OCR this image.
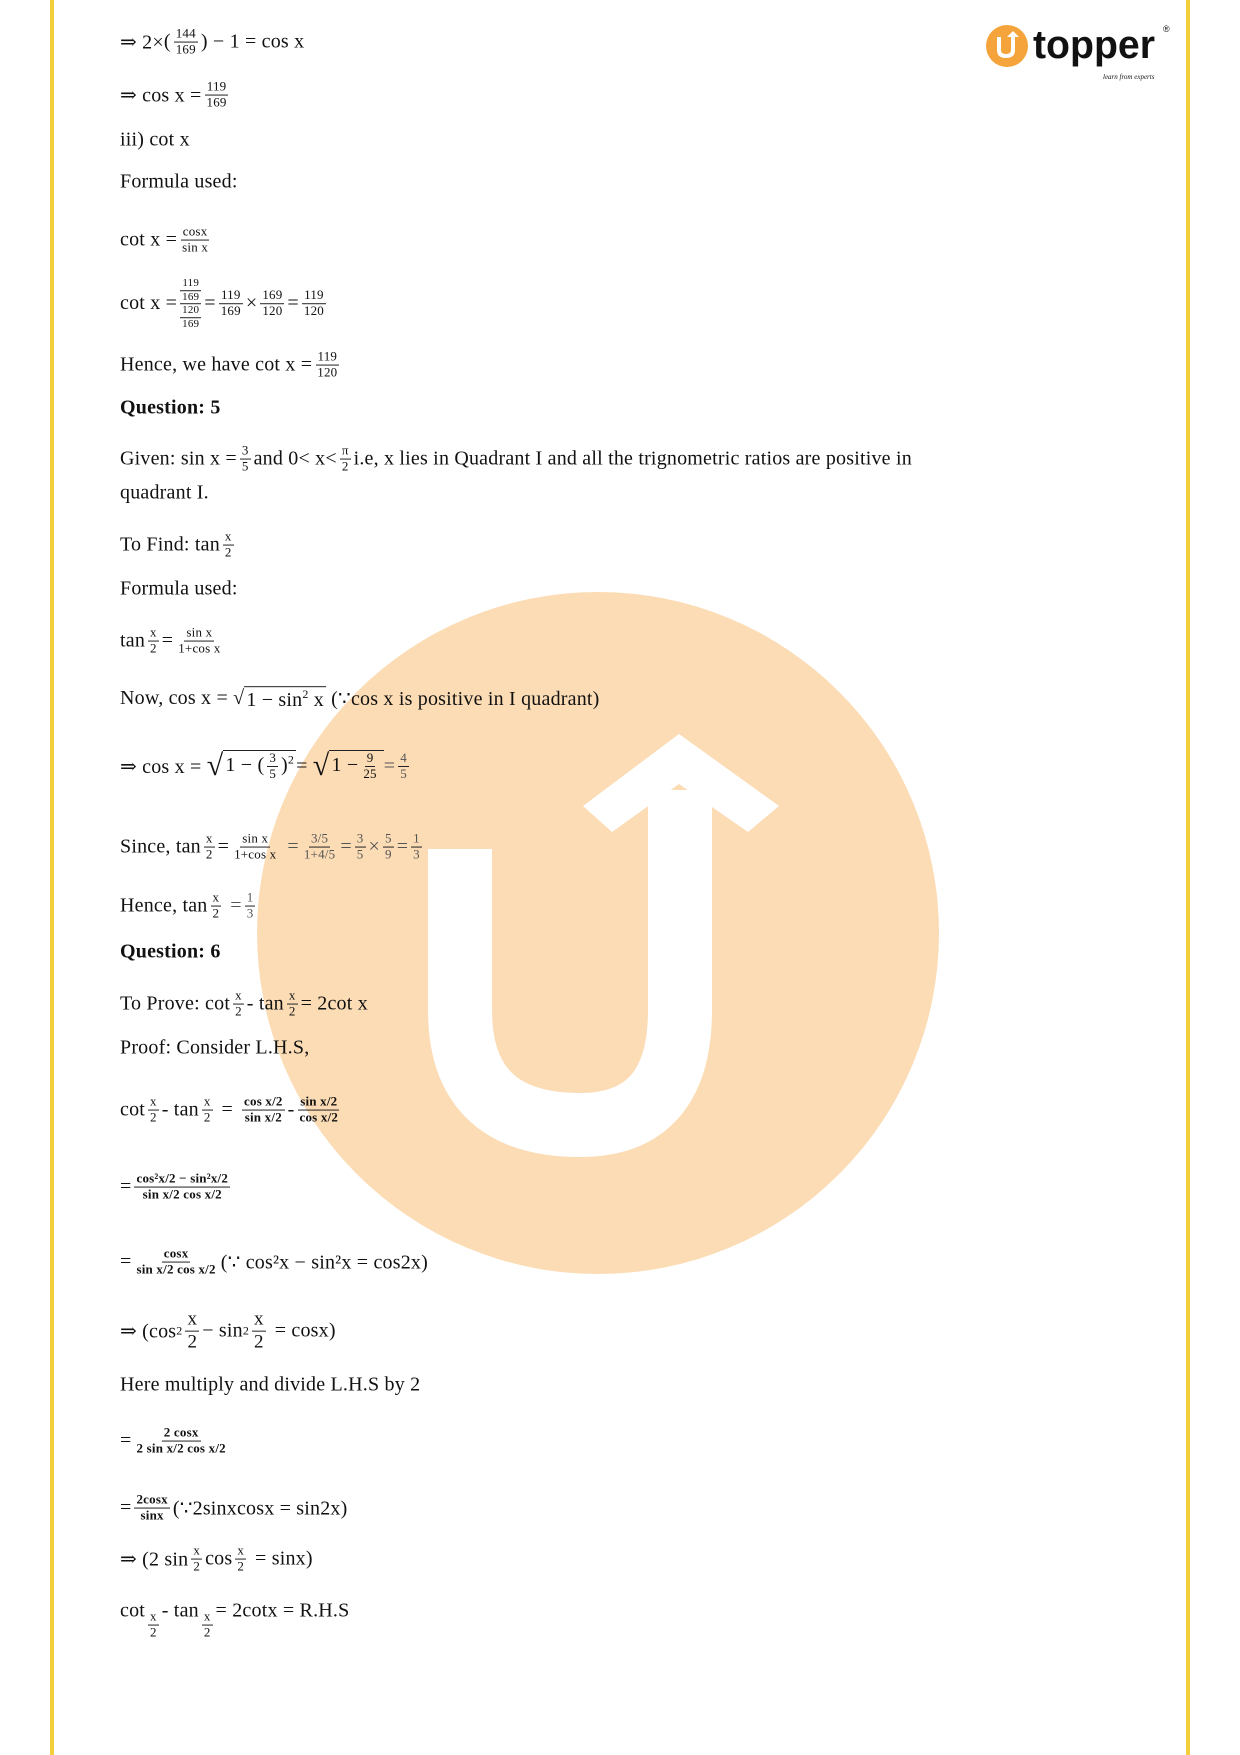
topper ®
learn from experts
⇒ 2× ( $\frac{144}{169}$ ) − 1 = cos x
⇒ $\cos x = \frac{119}{169}$
iii) cot x
Formula used:
$\cot x = \frac{\cos x}{\text{sin x}}$
cot x =
119
169
120
169
= $\frac{119}{169} \times \frac{169}{120} = \frac{119}{120}$
Hence, we have $\cot x = \frac{119}{120}$
Question: 5
Given: $\sin x = \frac{3}{5}$ and 0< x< π
2 i.e, x lies in Quadrant I and all the trignometric ratios are positive in
quadrant I.
To Find: tan x
2
Formula used:
$\tan \frac{x}{2} = \frac{\text{sin x}}{\text{1+cos x}}$
Now, cos x = √ $1 - \sin^2 x$
(∵cos x is positive in I quadrant)
⇒ cos x =
√ 1 − ( $\frac{3}{5} )^2$ =
√ $1 - \frac{9}{25} = \frac{4}{5}$
Since, $\tan \frac{x}{2} = \frac{\text{sin x}}{\text{1+cos x}} = \frac{3/5}{1+4/5} = \frac{3}{5} \times \frac{5}{9} = \frac{1}{3}$
Hence, tan x
$2 = \frac{1}{3}$
Question: 6
To Prove: cot x
$2 - \tan \frac{x}{2} = 2\cot$ x
Proof: Consider L.H.S,
cot x
2 - tan x
2 = cos x/2
sin x/2 - sin x/2
cos x/2
= $\frac{\text{cos²x/2 − sin²x/2}}{\text{sin x/2 cos x/2}}$
= $\frac{\cos x}{\text{sin x/2 cos x/2}}$ (∵ cos²x − sin²x = cos2x)
⇒ (cos 2
x
2
− sin 2
x
2
= cosx)
Here multiply and divide L.H.S by 2
= $\frac{2 \cos x}{\text{2 sin x/2 cos x/2}}$
= $\frac{2\cos x}{\sin x}$ (∵2sinxcosx = sin2x)
⇒ (2 sin x
2 cos x
2 = sinx)
cot x
2
- $\tan \frac{x}{2} = 2\cot x = R.H.S$
